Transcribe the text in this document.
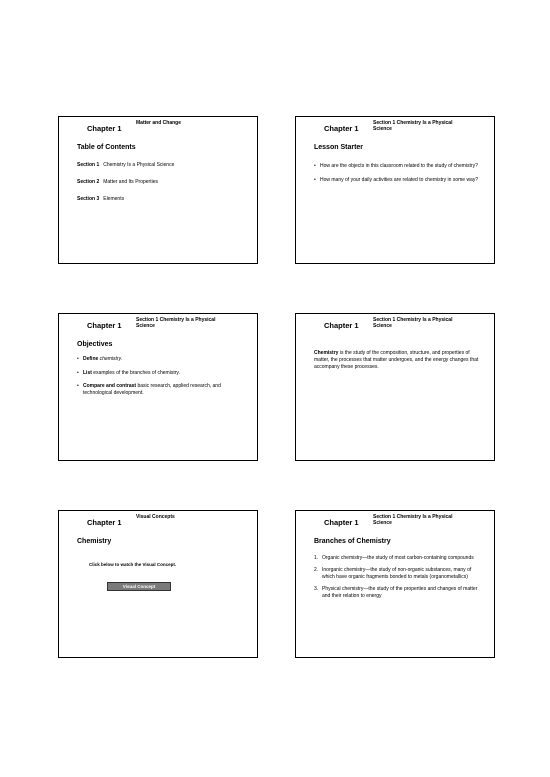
Chapter 1
Matter and Change
Table of Contents
Section 1 Chemistry Is a Physical Science
Section 2 Matter and Its Properties
Section 3 Elements
Chapter 1
Section 1 Chemistry Is a Physical
Science
Lesson Starter
• How are the objects in this classroom related to the study of chemistry?
• How many of your daily activities are related to chemistry in some way?
Chapter 1
Section 1 Chemistry Is a Physical
Science
Objectives
• Define chemistry.
• List examples of the branches of chemistry.
• Compare and contrast basic research, applied research, and technological development.
Chapter 1
Section 1 Chemistry Is a Physical
Science
Chemistry is the study of the composition, structure, and properties of matter, the processes that matter undergoes, and the energy changes that accompany these processes.
Chapter 1
Visual Concepts
Chemistry
Click below to watch the Visual Concept.
Visual Concept
Chapter 1
Section 1 Chemistry Is a Physical
Science
Branches of Chemistry
1. Organic chemistry—the study of most carbon-containing compounds
2. Inorganic chemistry—the study of non-organic substances, many of which have organic fragments bonded to metals (organometallics)
3. Physical chemistry—the study of the properties and changes of matter and their relation to energy
